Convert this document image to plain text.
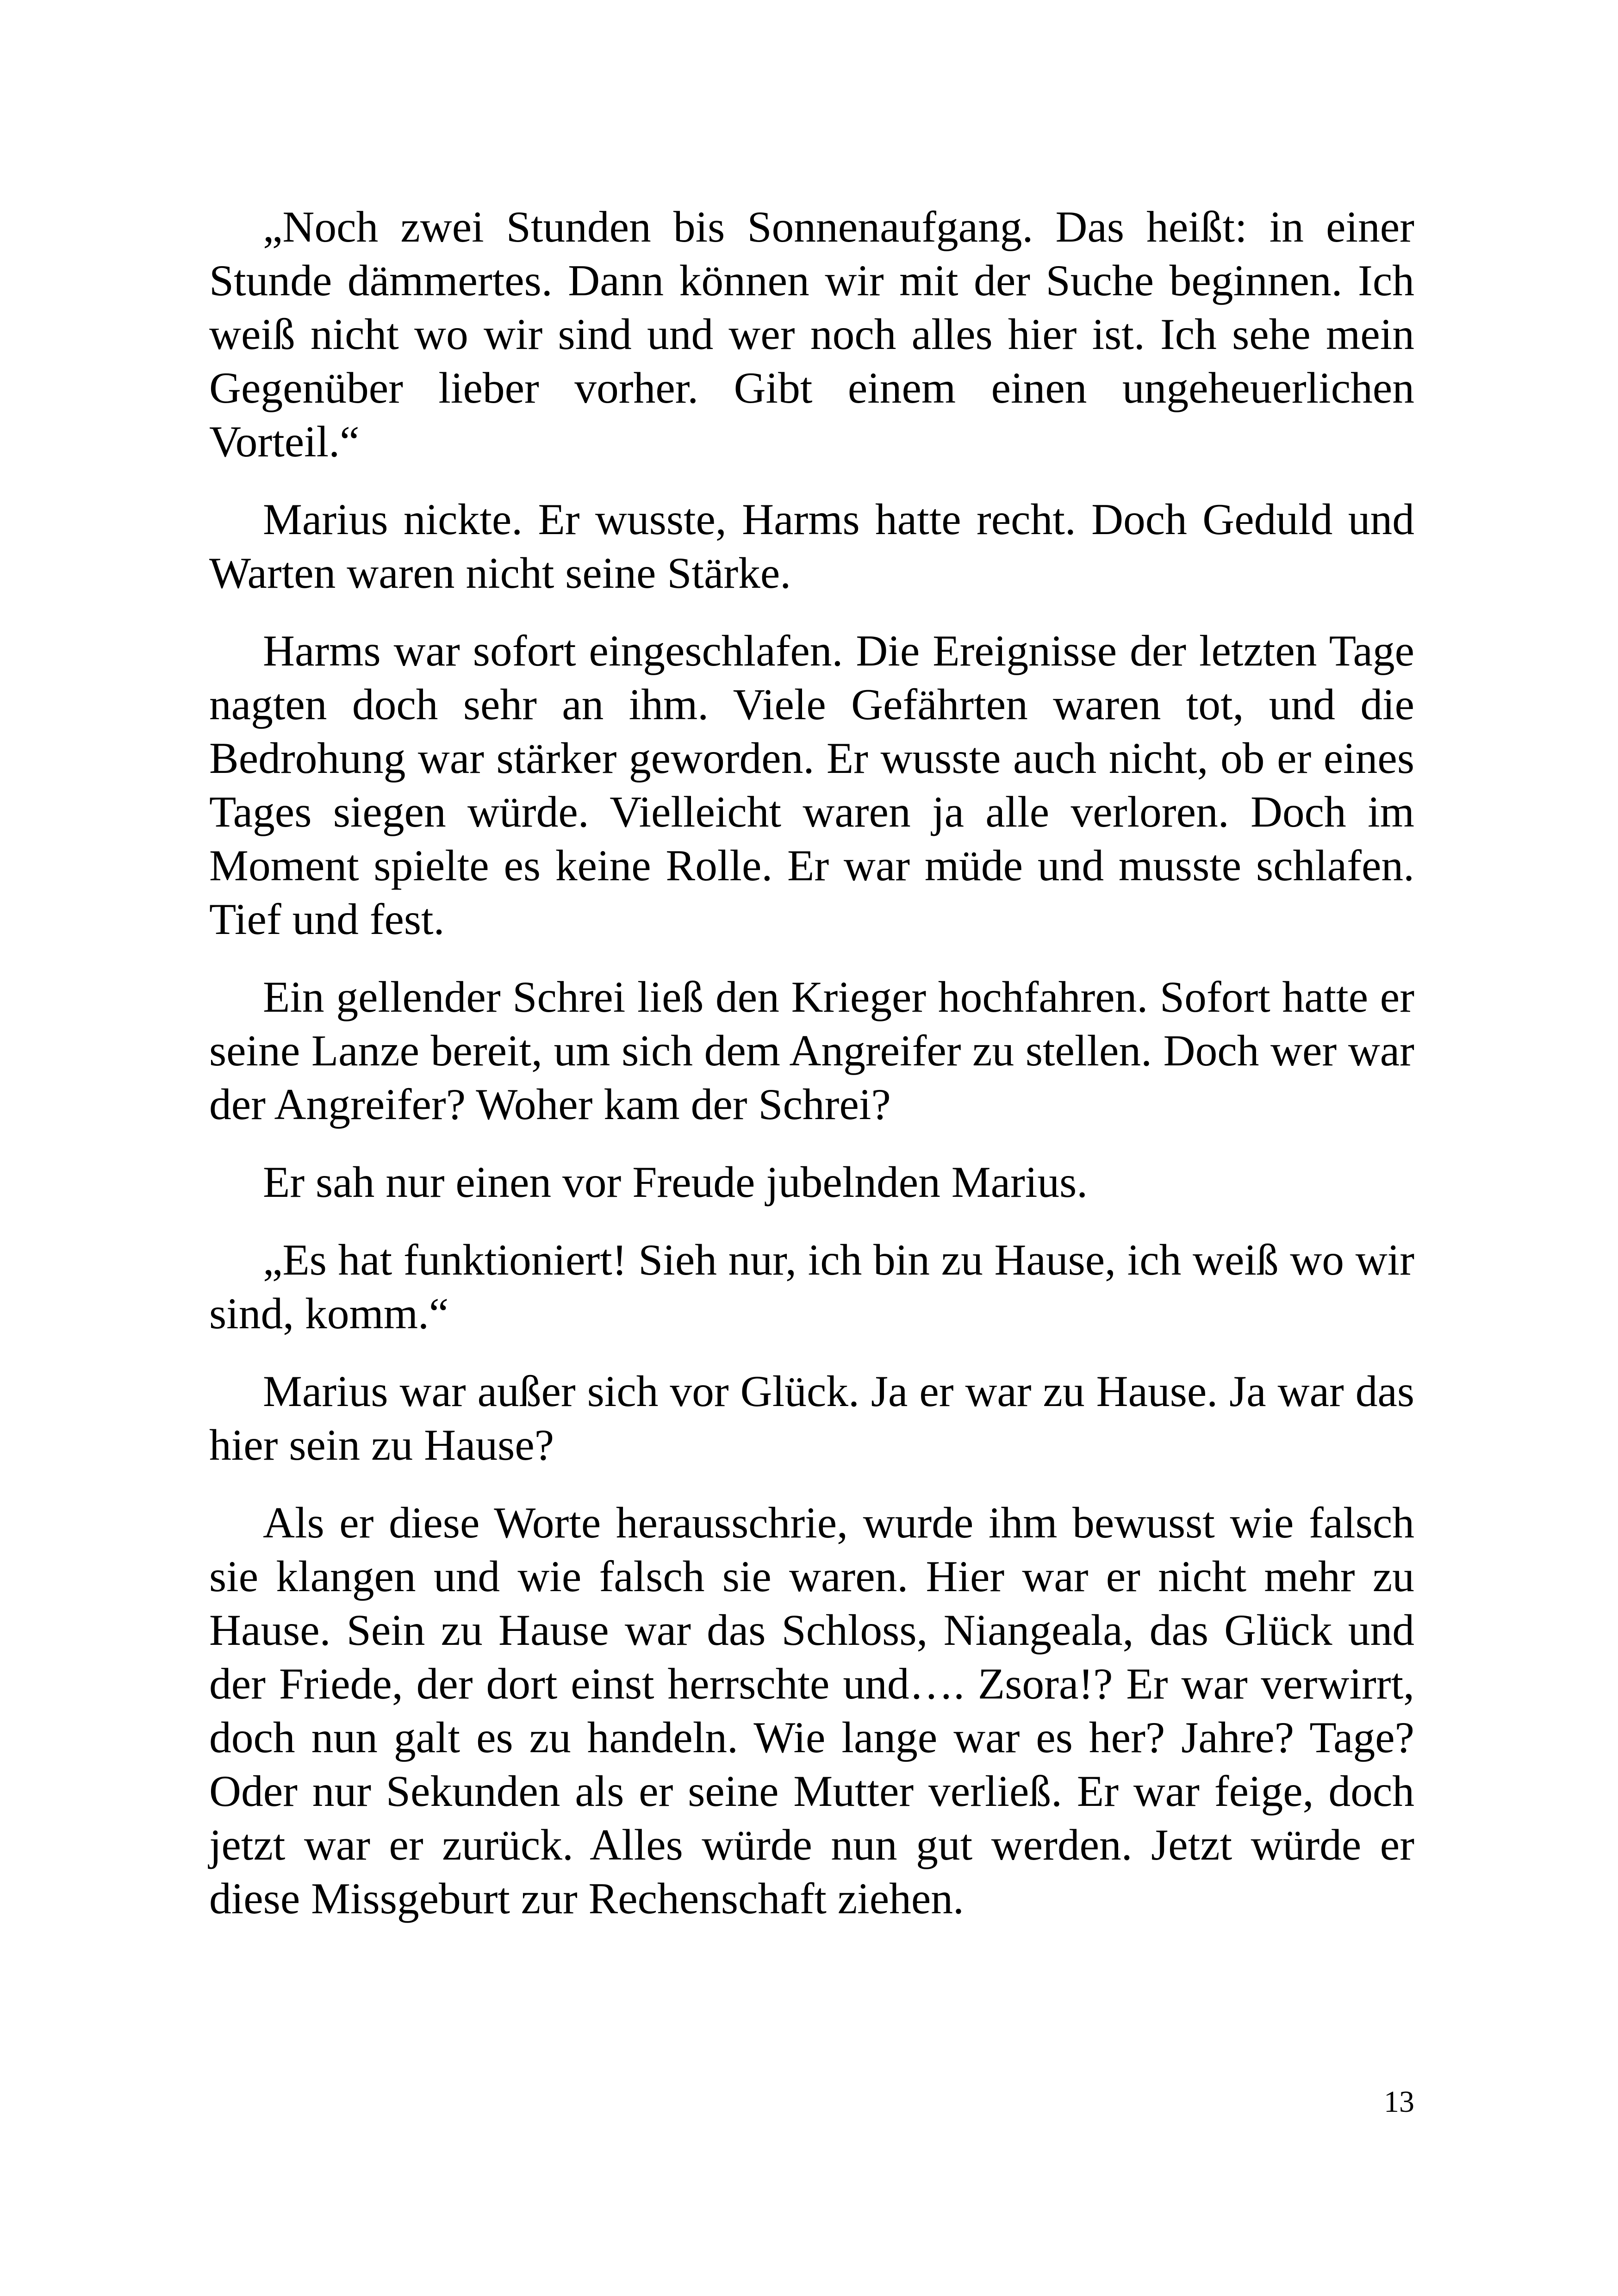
„Noch zwei Stunden bis Sonnenaufgang. Das heißt: in einer Stunde dämmertes. Dann können wir mit der Suche beginnen. Ich weiß nicht wo wir sind und wer noch alles hier ist. Ich sehe mein Gegenüber lieber vorher. Gibt einem einen ungeheuerlichen Vorteil.“

Marius nickte. Er wusste, Harms hatte recht. Doch Geduld und Warten waren nicht seine Stärke.

Harms war sofort eingeschlafen. Die Ereignisse der letzten Tage nagten doch sehr an ihm. Viele Gefährten waren tot, und die Bedrohung war stärker geworden. Er wusste auch nicht, ob er eines Tages siegen würde. Vielleicht waren ja alle verloren. Doch im Moment spielte es keine Rolle. Er war müde und musste schlafen. Tief und fest.

Ein gellender Schrei ließ den Krieger hochfahren. Sofort hatte er seine Lanze bereit, um sich dem Angreifer zu stellen. Doch wer war der Angreifer? Woher kam der Schrei?

Er sah nur einen vor Freude jubelnden Marius.

„Es hat funktioniert! Sieh nur, ich bin zu Hause, ich weiß wo wir sind, komm.“

Marius war außer sich vor Glück. Ja er war zu Hause. Ja war das hier sein zu Hause?

Als er diese Worte herausschrie, wurde ihm bewusst wie falsch sie klangen und wie falsch sie waren. Hier war er nicht mehr zu Hause. Sein zu Hause war das Schloss, Niangeala, das Glück und der Friede, der dort einst herrschte und…. Zsora!? Er war verwirrt, doch nun galt es zu handeln. Wie lange war es her? Jahre? Tage? Oder nur Sekunden als er seine Mutter verließ. Er war feige, doch jetzt war er zurück. Alles würde nun gut werden. Jetzt würde er diese Missgeburt zur Rechenschaft ziehen.

13
